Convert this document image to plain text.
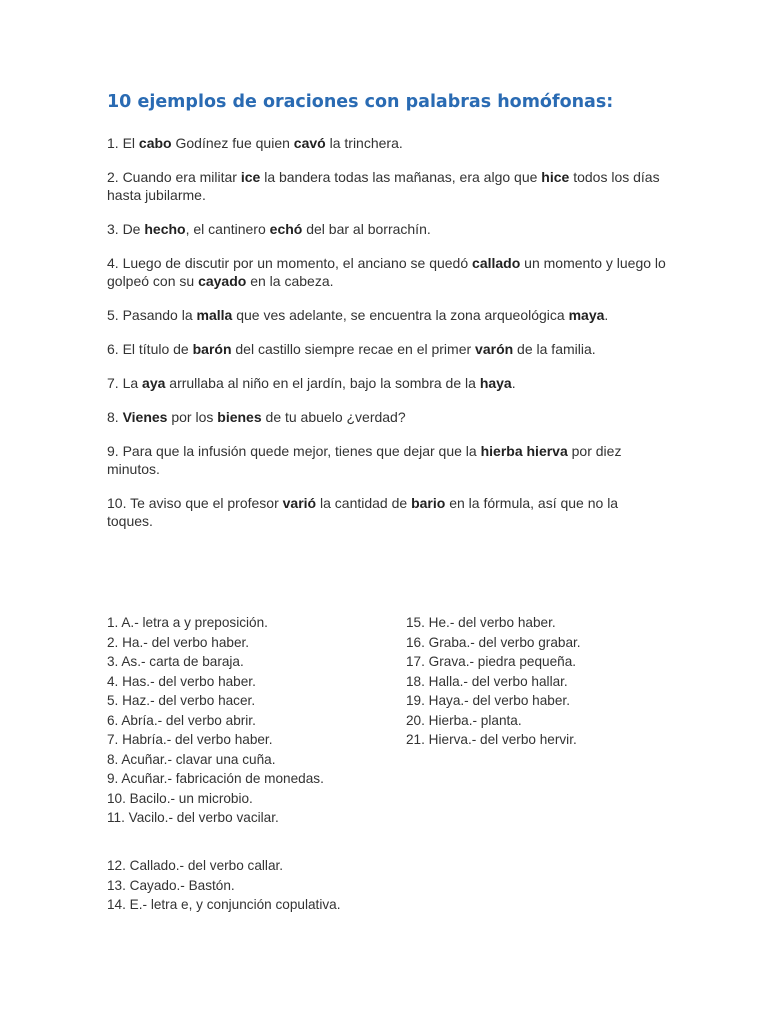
10 ejemplos de oraciones con palabras homófonas:
1. El cabo Godínez fue quien cavó la trinchera.
2. Cuando era militar ice la bandera todas las mañanas, era algo que hice todos los días hasta jubilarme.
3. De hecho, el cantinero echó del bar al borrachín.
4. Luego de discutir por un momento, el anciano se quedó callado un momento y luego lo golpeó con su cayado en la cabeza.
5. Pasando la malla que ves adelante, se encuentra la zona arqueológica maya.
6. El título de barón del castillo siempre recae en el primer varón de la familia.
7. La aya arrullaba al niño en el jardín, bajo la sombra de la haya.
8. Vienes por los bienes de tu abuelo ¿verdad?
9. Para que la infusión quede mejor, tienes que dejar que la hierba hierva por diez minutos.
10. Te aviso que el profesor varió la cantidad de bario en la fórmula, así que no la toques.
1. A.- letra a y preposición.
2. Ha.- del verbo haber.
3. As.- carta de baraja.
4. Has.- del verbo haber.
5. Haz.- del verbo hacer.
6. Abría.- del verbo abrir.
7. Habría.- del verbo haber.
8. Acuñar.- clavar una cuña.
9. Acuñar.- fabricación de monedas.
10. Bacilo.- un microbio.
11. Vacilo.- del verbo vacilar.
12. Callado.- del verbo callar.
13. Cayado.- Bastón.
14. E.- letra e, y conjunción copulativa.
15. He.- del verbo haber.
16. Graba.- del verbo grabar.
17. Grava.- piedra pequeña.
18. Halla.- del verbo hallar.
19. Haya.- del verbo haber.
20. Hierba.- planta.
21. Hierva.- del verbo hervir.
